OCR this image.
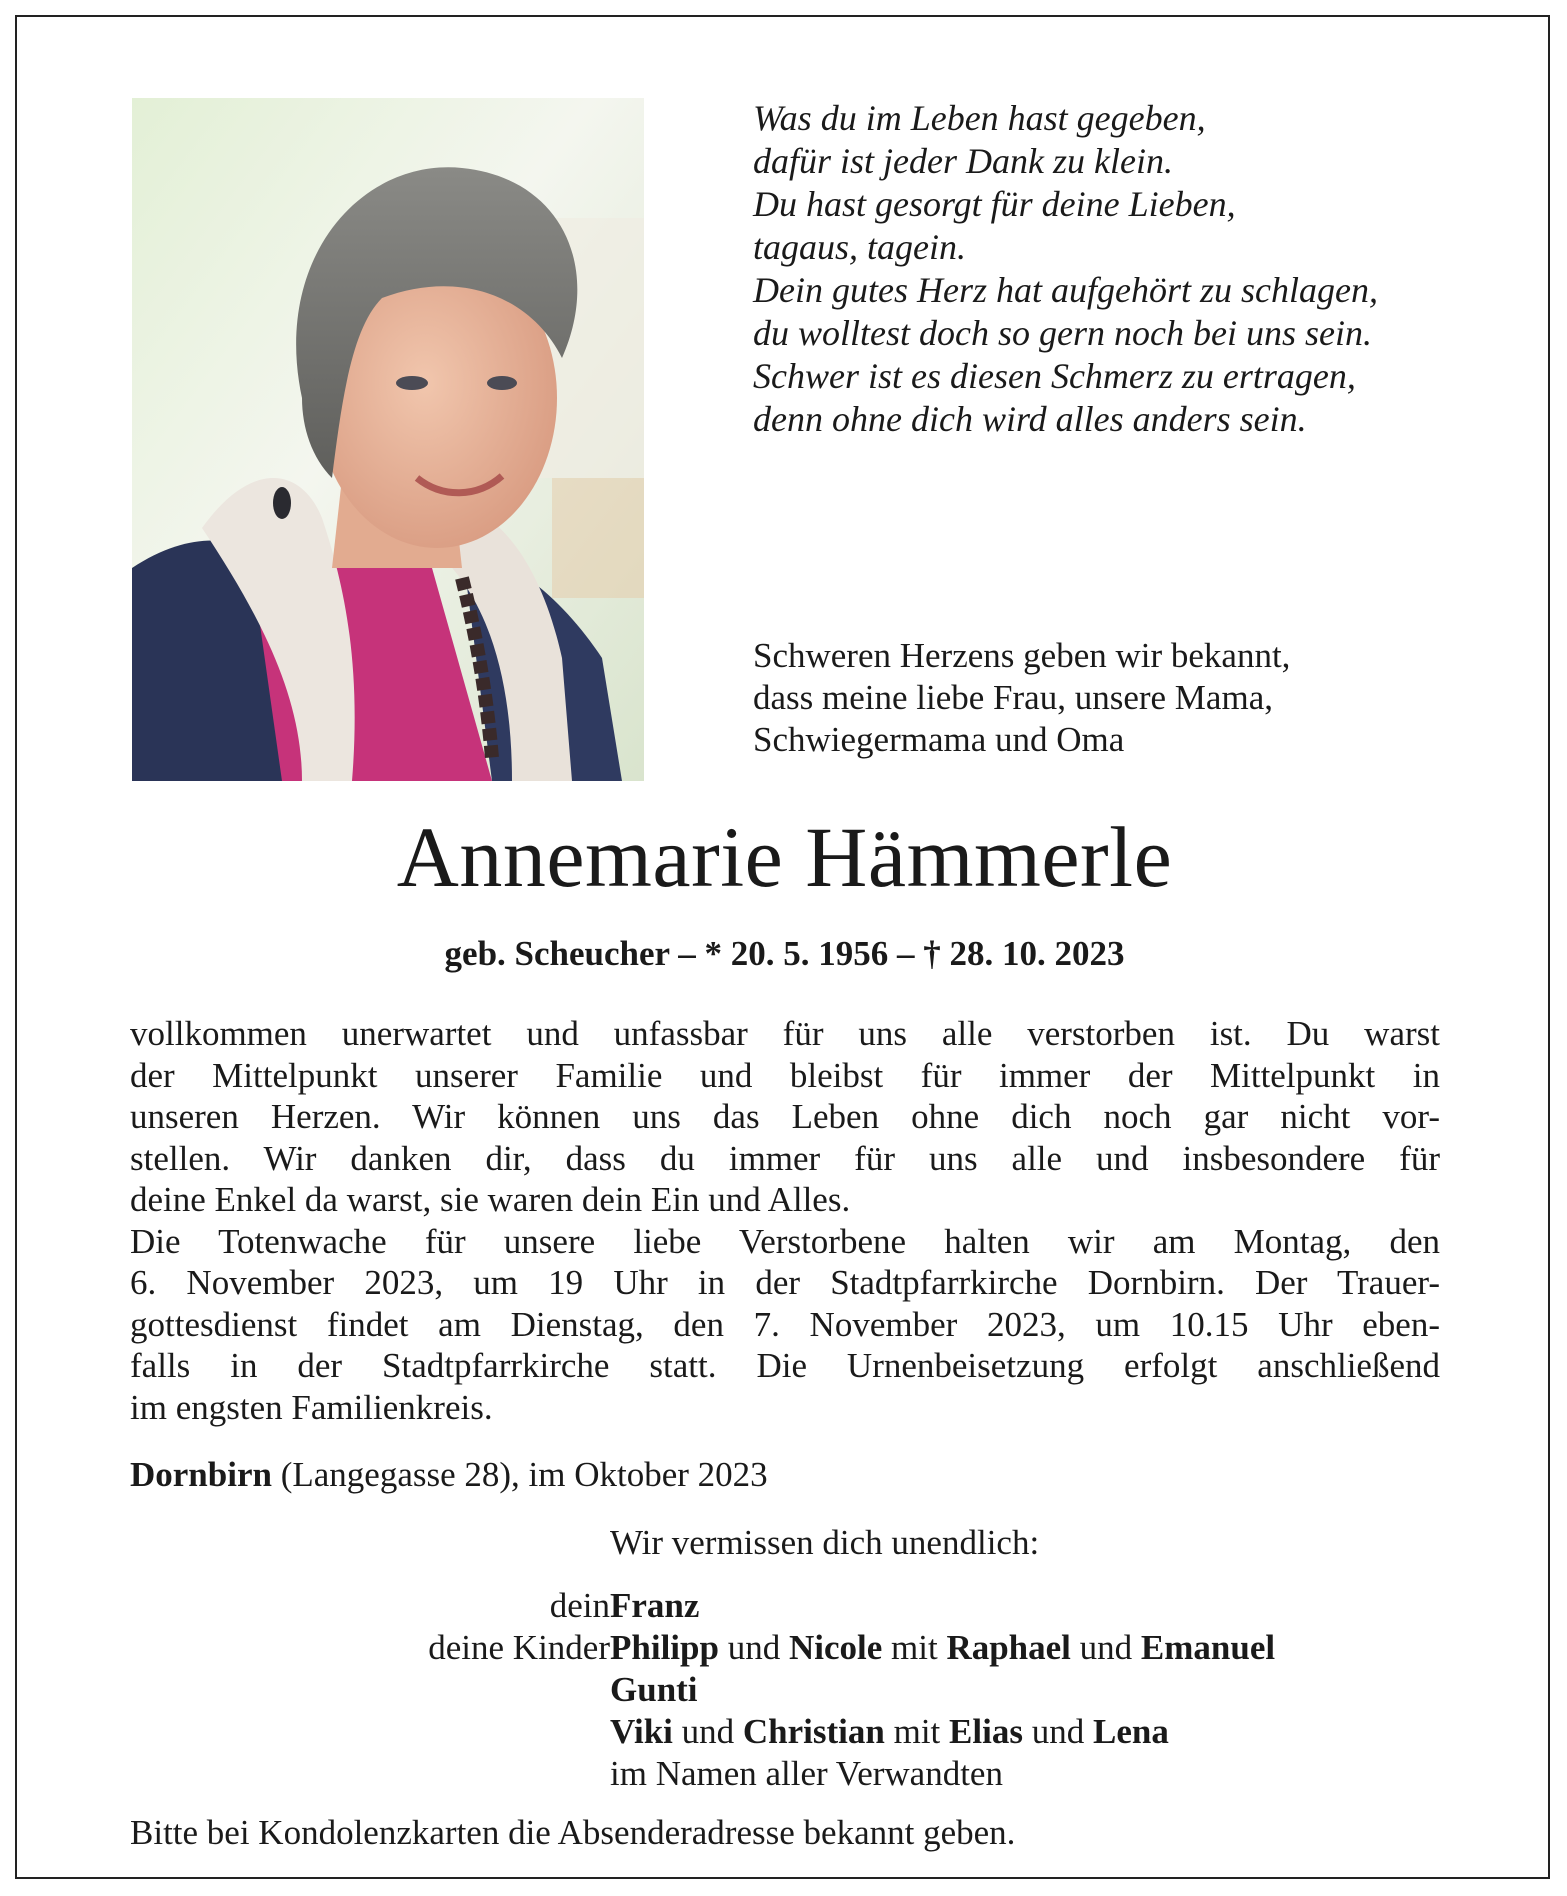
Was du im Leben hast gegeben,
dafür ist jeder Dank zu klein.
Du hast gesorgt für deine Lieben,
tagaus, tagein.
Dein gutes Herz hat aufgehört zu schlagen,
du wolltest doch so gern noch bei uns sein.
Schwer ist es diesen Schmerz zu ertragen,
denn ohne dich wird alles anders sein.
Schweren Herzens geben wir bekannt,
dass meine liebe Frau, unsere Mama,
Schwiegermama und Oma
Annemarie Hämmerle
geb. Scheucher – * 20. 5. 1956 – † 28. 10. 2023
vollkommen unerwartet und unfassbar für uns alle verstorben ist. Du warst
der Mittelpunkt unserer Familie und bleibst für immer der Mittelpunkt in
unseren Herzen. Wir können uns das Leben ohne dich noch gar nicht vor-
stellen. Wir danken dir, dass du immer für uns alle und insbesondere für
deine Enkel da warst, sie waren dein Ein und Alles.
Die Totenwache für unsere liebe Verstorbene halten wir am Montag, den
6. November 2023, um 19 Uhr in der Stadtpfarrkirche Dornbirn. Der Trauer-
gottesdienst findet am Dienstag, den 7. November 2023, um 10.15 Uhr eben-
falls in der Stadtpfarrkirche statt. Die Urnenbeisetzung erfolgt anschließend
im engsten Familienkreis.
Dornbirn (Langegasse 28), im Oktober 2023
Wir vermissen dich unendlich:
dein Franz
deine Kinder Philipp und Nicole mit Raphael und Emanuel
Gunti
Viki und Christian mit Elias und Lena
im Namen aller Verwandten
Bitte bei Kondolenzkarten die Absenderadresse bekannt geben.
